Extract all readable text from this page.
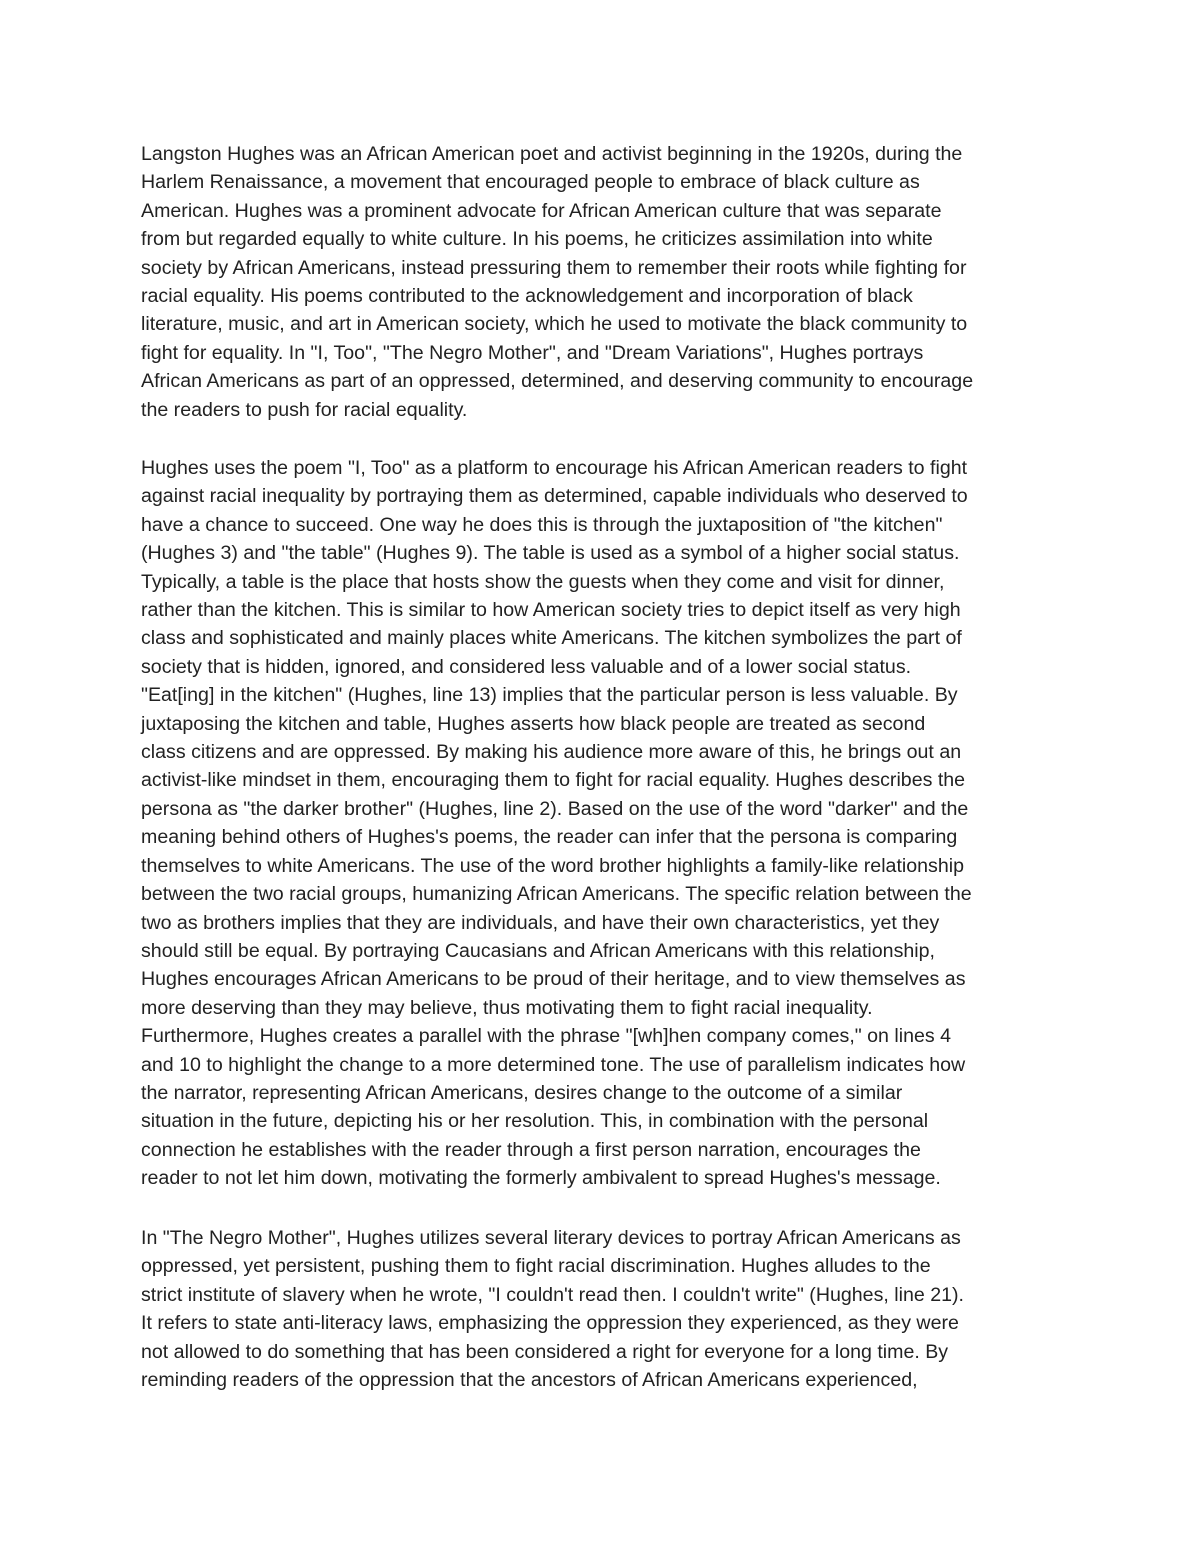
Langston Hughes was an African American poet and activist beginning in the 1920s, during the
Harlem Renaissance, a movement that encouraged people to embrace of black culture as
American. Hughes was a prominent advocate for African American culture that was separate
from but regarded equally to white culture. In his poems, he criticizes assimilation into white
society by African Americans, instead pressuring them to remember their roots while fighting for
racial equality. His poems contributed to the acknowledgement and incorporation of black
literature, music, and art in American society, which he used to motivate the black community to
fight for equality. In "I, Too", "The Negro Mother", and "Dream Variations", Hughes portrays
African Americans as part of an oppressed, determined, and deserving community to encourage
the readers to push for racial equality.
Hughes uses the poem "I, Too" as a platform to encourage his African American readers to fight
against racial inequality by portraying them as determined, capable individuals who deserved to
have a chance to succeed. One way he does this is through the juxtaposition of "the kitchen"
(Hughes 3) and "the table" (Hughes 9). The table is used as a symbol of a higher social status.
Typically, a table is the place that hosts show the guests when they come and visit for dinner,
rather than the kitchen. This is similar to how American society tries to depict itself as very high
class and sophisticated and mainly places white Americans. The kitchen symbolizes the part of
society that is hidden, ignored, and considered less valuable and of a lower social status.
"Eat[ing] in the kitchen" (Hughes, line 13) implies that the particular person is less valuable. By
juxtaposing the kitchen and table, Hughes asserts how black people are treated as second
class citizens and are oppressed. By making his audience more aware of this, he brings out an
activist-like mindset in them, encouraging them to fight for racial equality. Hughes describes the
persona as "the darker brother" (Hughes, line 2). Based on the use of the word "darker" and the
meaning behind others of Hughes's poems, the reader can infer that the persona is comparing
themselves to white Americans. The use of the word brother highlights a family-like relationship
between the two racial groups, humanizing African Americans. The specific relation between the
two as brothers implies that they are individuals, and have their own characteristics, yet they
should still be equal. By portraying Caucasians and African Americans with this relationship,
Hughes encourages African Americans to be proud of their heritage, and to view themselves as
more deserving than they may believe, thus motivating them to fight racial inequality.
Furthermore, Hughes creates a parallel with the phrase "[wh]hen company comes," on lines 4
and 10 to highlight the change to a more determined tone. The use of parallelism indicates how
the narrator, representing African Americans, desires change to the outcome of a similar
situation in the future, depicting his or her resolution. This, in combination with the personal
connection he establishes with the reader through a first person narration, encourages the
reader to not let him down, motivating the formerly ambivalent to spread Hughes's message.
In "The Negro Mother", Hughes utilizes several literary devices to portray African Americans as
oppressed, yet persistent, pushing them to fight racial discrimination. Hughes alludes to the
strict institute of slavery when he wrote, "I couldn't read then. I couldn't write" (Hughes, line 21).
It refers to state anti-literacy laws, emphasizing the oppression they experienced, as they were
not allowed to do something that has been considered a right for everyone for a long time. By
reminding readers of the oppression that the ancestors of African Americans experienced,
